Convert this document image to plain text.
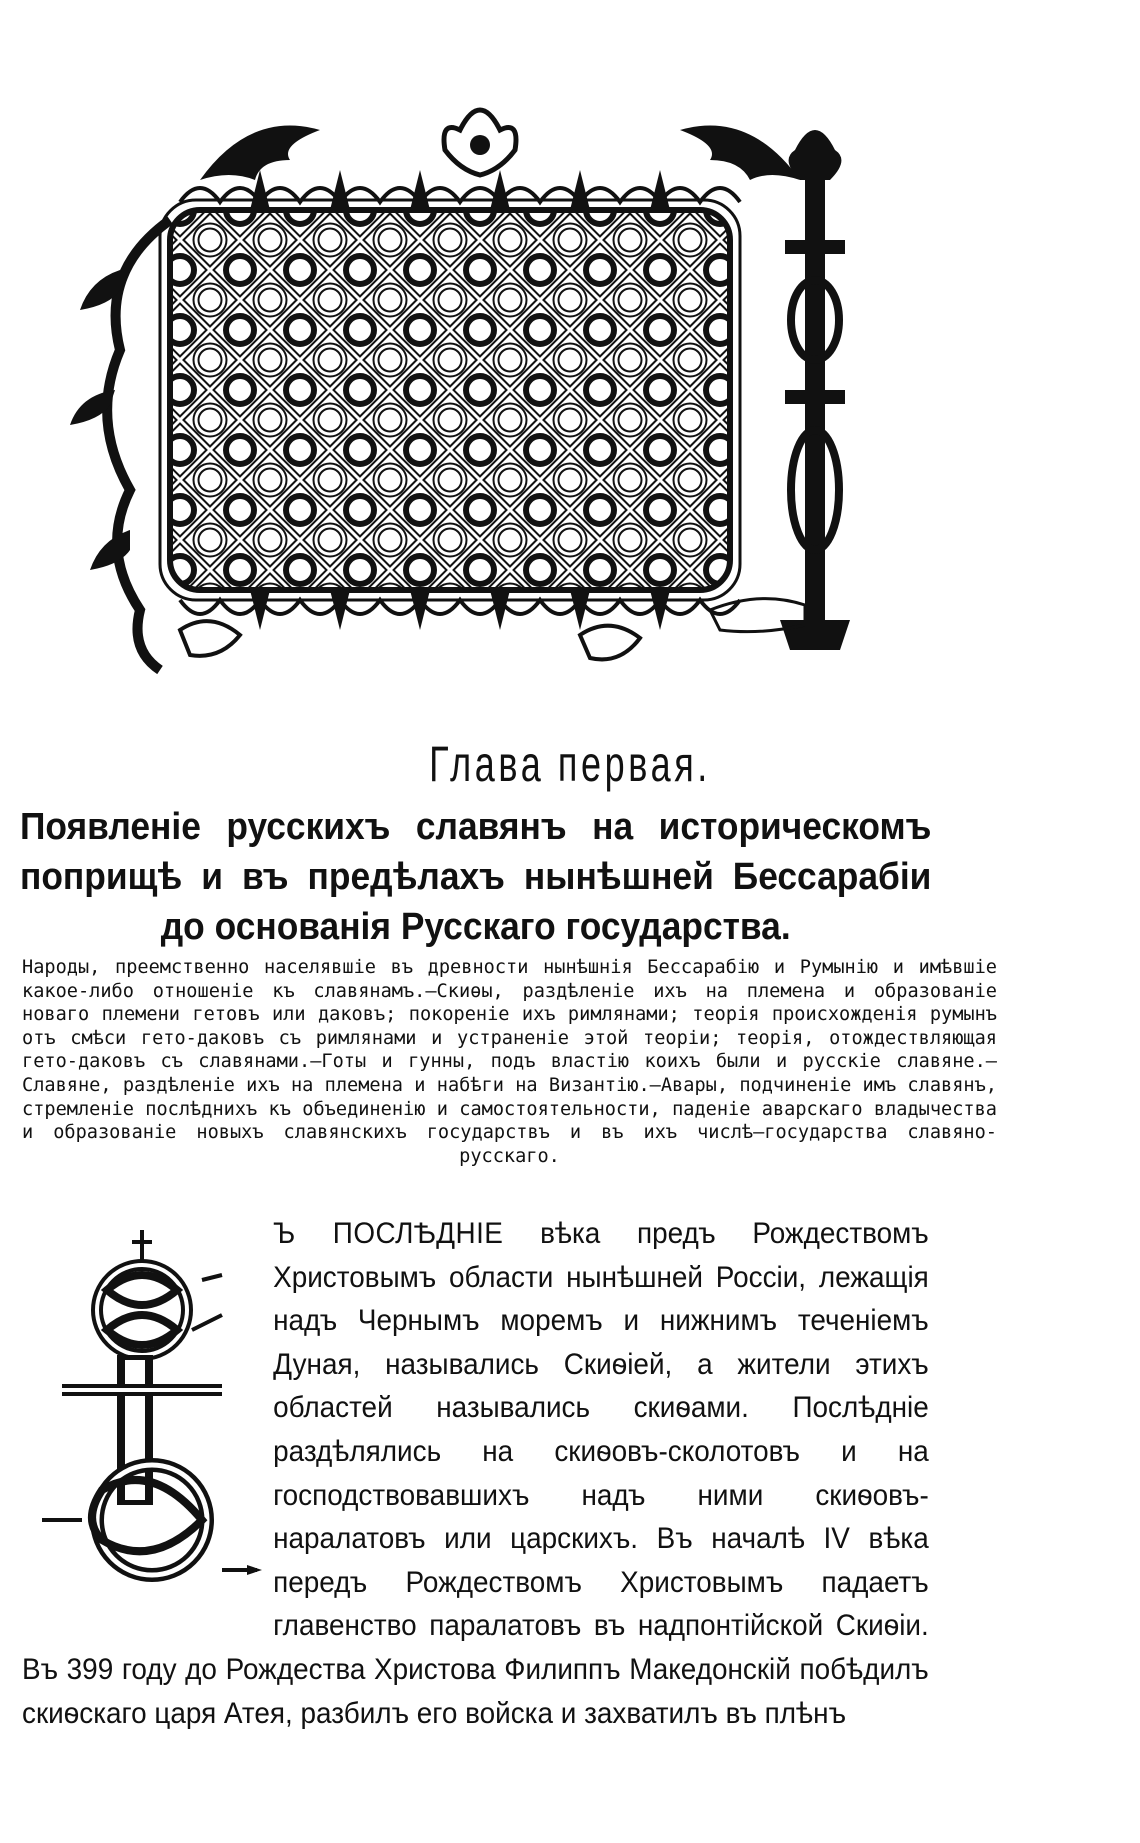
Глава первая.
Появленіе русскихъ славянъ на историческомъ поприщѣ и въ предѣлахъ нынѣшней Бессарабіи до основанія Русскаго государства.

Народы, преемственно населявшіе въ древности нынѣшнія Бессарабію и Румынію и имѣвшіе какое-либо отношеніе къ славянамъ.—Скиѳы, раздѣленіе ихъ на племена и образованіе новаго племени гетовъ или даковъ; покореніе ихъ римлянами; теорія происхожденія румынъ отъ смѣси гето-даковъ съ римлянами и устраненіе этой теоріи; теорія, отождествляющая гето-даковъ съ славянами.—Готы и гунны, подъ властію коихъ были и русскіе славяне.—Славяне, раздѣленіе ихъ на племена и набѣги на Византію.—Авары, подчиненіе имъ славянъ, стремленіе послѣднихъ къ объединенію и самостоятельности, паденіе аварскаго владычества и образованіе новыхъ славянскихъ государствъ и въ ихъ числѣ—государства славяно-русскаго.

Ъ ПОСЛѢДНІЕ вѣка предъ Рождествомъ Христовымъ области нынѣшней Россіи, лежащія надъ Чернымъ моремъ и нижнимъ теченіемъ Дуная, назывались Скиѳіей, а жители этихъ областей назывались скиѳами. Послѣдніе раздѣлялись на скиѳовъ-сколотовъ и на господствовавшихъ надъ ними скиѳовъ-наралатовъ или царскихъ. Въ началѣ IV вѣка передъ Рождествомъ Христовымъ падаетъ главенство паралатовъ въ надпонтійской Скиѳіи. Въ 399 году до Рождества Христова Филиппъ Македонскій побѣдилъ скиѳскаго царя Атея, разбилъ его войска и захватилъ въ плѣнъ
